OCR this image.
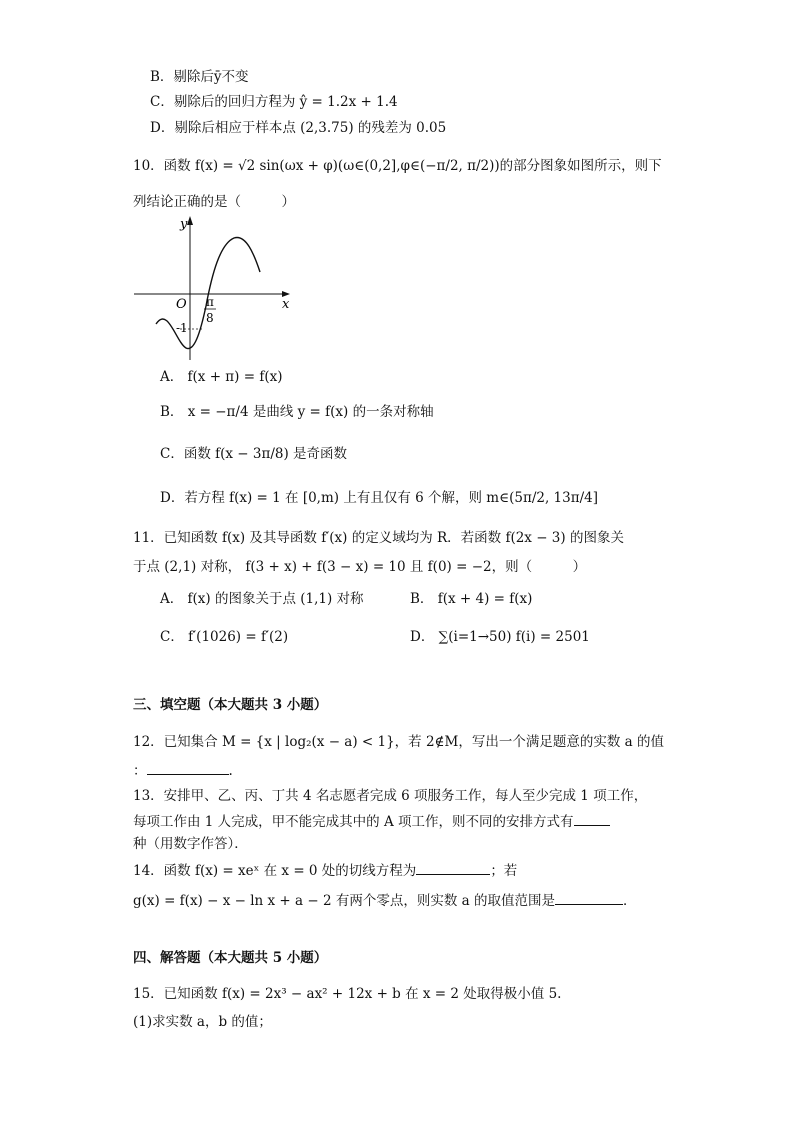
B．剔除后ȳ不变
C．剔除后的回归方程为 ŷ = 1.2x + 1.4
D．剔除后相应于样本点 (2,3.75) 的残差为 0.05
10．函数 f(x) = √2 sin(ωx + φ)(ω∈(0,2],φ∈(−π/2, π/2))的部分图象如图所示，则下
列结论正确的是（　　　）
y
x
O π
8
-1
A． f(x + π) = f(x)
B． x = −π/4 是曲线 y = f(x) 的一条对称轴
C．函数 f(x − 3π/8) 是奇函数
D．若方程 f(x) = 1 在 [0,m) 上有且仅有 6 个解，则 m∈(5π/2, 13π/4]
11．已知函数 f(x) 及其导函数 f′(x) 的定义域均为 R．若函数 f(2x − 3) 的图象关
于点 (2,1) 对称， f(3 + x) + f(3 − x) = 10 且 f(0) = −2，则（　　　）
A． f(x) 的图象关于点 (1,1) 对称	B． f(x + 4) = f(x)
C． f′(1026) = f′(2)	D． ∑(i=1→50) f(i) = 2501
三、填空题（本大题共 3 小题）
12．已知集合 M = {x | log₂(x − a) < 1}，若 2∉M，写出一个满足题意的实数 a 的值
：	.
13．安排甲、乙、丙、丁共 4 名志愿者完成 6 项服务工作，每人至少完成 1 项工作，
每项工作由 1 人完成，甲不能完成其中的 A 项工作，则不同的安排方式有
种（用数字作答）．
14．函数 f(x) = xeˣ 在 x = 0 处的切线方程为	；若
g(x) = f(x) − x − ln x + a − 2 有两个零点，则实数 a 的取值范围是	．
四、解答题（本大题共 5 小题）
15．已知函数 f(x) = 2x³ − ax² + 12x + b 在 x = 2 处取得极小值 5.
(1)求实数 a，b 的值；
